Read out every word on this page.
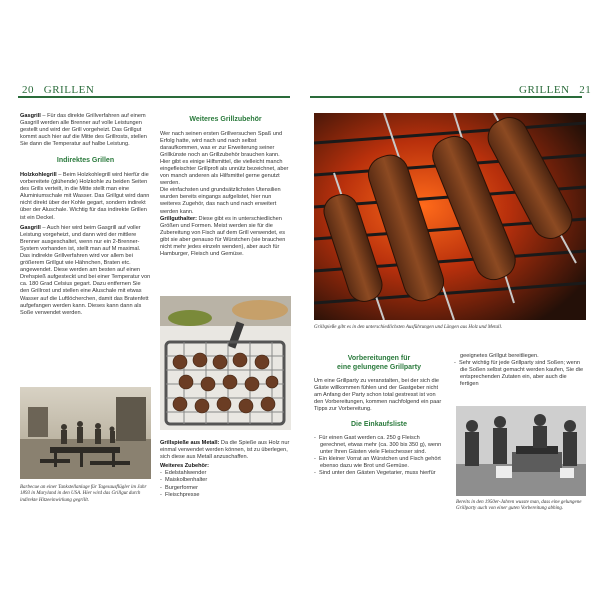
20 GRILLEN	GRILLEN 21

Gasgrill – Für das direkte Grillverfahren auf einem Gasgrill werden alle Brenner auf volle Leistungen gestellt und wird der Grill vorgeheizt. Das Grillgut kommt auch hier auf die Mitte des Grillrosts, stellen Sie dann die Temperatur auf halbe Leistung.

Indirektes Grillen

Holzkohlegrill – Beim Holzkohlegrill wird hierfür die vorbereitete (glühende) Holzkohle zu beiden Seiten des Grills verteilt, in die Mitte stellt man eine Aluminiumschale mit Wasser. Das Grillgut wird dann nicht direkt über der Kohle gegart, sondern indirekt über der Aluschale. Wichtig für das indirekte Grillen ist ein Deckel.

Gasgrill – Auch hier wird beim Gasgrill auf voller Leistung vorgeheizt, und dann wird der mittlere Brenner ausgeschaltet, wenn nur ein 2-Brenner-System vorhanden ist, stellt man auf M maximal. Das indirekte Grillverfahren wird vor allem bei größerem Grillgut wie Hähnchen, Braten etc. angewendet. Diese werden am besten auf einen Drehspieß aufgesteckt und bei einer Temperatur von ca. 180 Grad Celsius gegart. Dazu entfernen Sie den Grillrost und stellen eine Aluschale mit etwas Wasser auf die Luftlöcherchen, damit das Bratenfett aufgefangen werden kann. Dieses kann dann als Soße verwendet werden.

Barbecue an einer Tankstellanlage für Tagesausflügler im Jahr 1893 in Maryland in den USA. Hier wird das Grillgut durch indirekte Hitzeeinwirkung gegrillt.

Weiteres Grillzubehör

Wer nach seinen ersten Grillversuchen Spaß und Erfolg hatte, wird nach und nach selbst daraufkommen, was er zur Erweiterung seiner Grillkünste noch an Grillzubehör brauchen kann. Hier gibt es einige Hilfsmittel, die vielleicht manch eingefleischter Grillprofi als unnütz bezeichnet, aber von manch anderen als Hilfsmittel gerne genutzt werden.

Die einfachsten und grundsätzlichsten Utensilien wurden bereits eingangs aufgelistet, hier nun weiteres Zugehör, das nach und nach erweitert werden kann.

Grillguthalter: Diese gibt es in unterschiedlichen Größen und Formen. Meist werden sie für die Zubereitung von Fisch auf dem Grill verwendet, es gibt sie aber genauso für Würstchen (sie brauchen nicht mehr jedes einzeln wenden), aber auch für Hamburger, Fleisch und Gemüse.

Grillspieße aus Metall: Da die Spieße aus Holz nur einmal verwendet werden können, ist zu überlegen, sich diese aus Metall anzuschaffen.

Weiteres Zubehör:

-  Edelstahlwender

-  Maiskolbenhalter

-  Burgerformer

-  Fleischpresse

Grillspieße gibt es in den unterschiedlichsten Ausführungen und Längen aus Holz und Metall.

Vorbereitungen für

eine gelungene Grillparty

Um eine Grillparty zu veranstalten, bei der sich die Gäste willkommen fühlen und der Gastgeber nicht am Anfang der Party schon total gestresst ist von den Vorbereitungen, kommen nachfolgend ein paar Tipps zur Vorbereitung.

Die Einkaufsliste

-  Für einen Gast werden ca. 250 g Fleisch gerechnet, etwas mehr (ca. 300 bis 350 g), wenn unter Ihren Gästen viele Fleischesser sind.

-  Ein kleiner Vorrat an Würstchen und Fisch gehört ebenso dazu wie Brot und Gemüse.

-  Sind unter den Gästen Vegetarier, muss hierfür

geeignetes Grillgut bereitliegen.

-  Sehr wichtig für jede Grillparty sind Soßen; wenn die Soßen selbst gemacht werden kaufen, Sie die entsprechenden Zutaten ein, aber auch die fertigen

Bereits in den 1950er-Jahren wusste man, dass eine gelungene Grillparty auch von einer guten Vorbereitung abhing.
